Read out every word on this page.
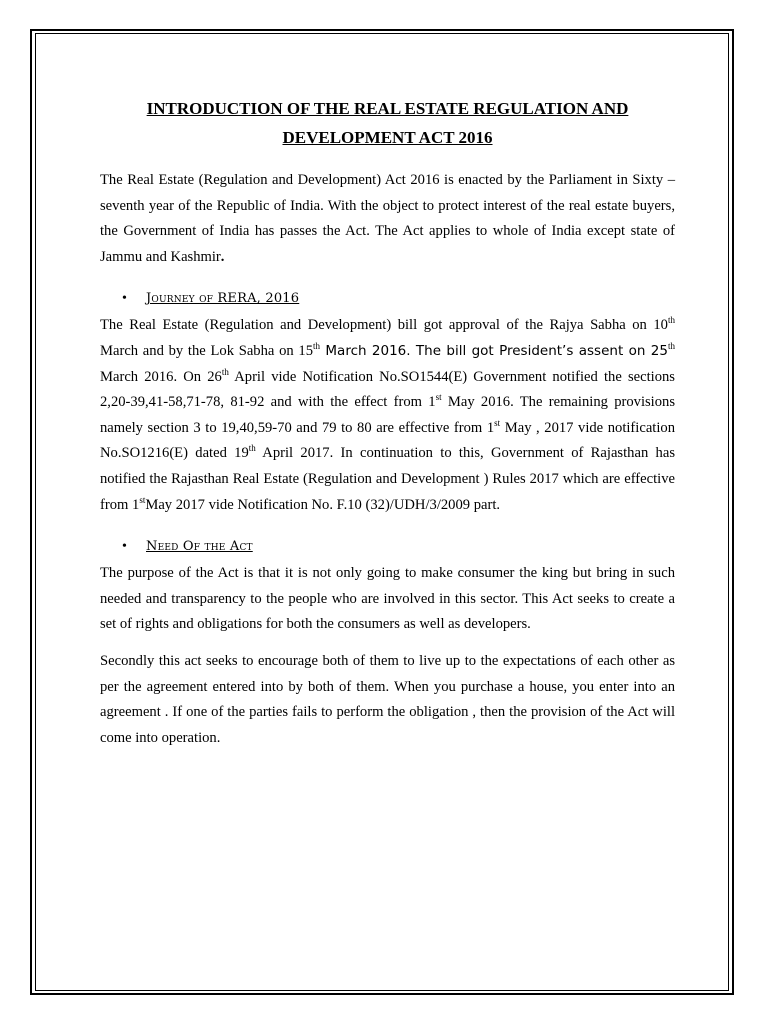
INTRODUCTION OF THE REAL ESTATE REGULATION AND
DEVELOPMENT ACT 2016

The Real Estate (Regulation and Development) Act 2016 is enacted by the Parliament in Sixty –seventh year of the Republic of India. With the object to protect interest of the real estate buyers, the Government of India has passes the Act. The Act applies to whole of India except state of Jammu and Kashmir.

•	Journey of RERA, 2016

The Real Estate (Regulation and Development) bill got approval of the Rajya Sabha on 10th March and by the Lok Sabha on 15th March 2016. The bill got President’s assent on 25th March 2016. On 26th April vide Notification No.SO1544(E) Government notified the sections 2,20-39,41-58,71-78, 81-92 and with the effect from 1st May 2016. The remaining provisions namely section 3 to 19,40,59-70 and 79 to 80 are effective from 1st May , 2017 vide notification No.SO1216(E) dated 19th April 2017. In continuation to this, Government of Rajasthan has notified the Rajasthan Real Estate (Regulation and Development ) Rules 2017 which are effective from 1stMay 2017 vide Notification No. F.10 (32)/UDH/3/2009 part.

•	Need Of the Act

The purpose of the Act is that it is not only going to make consumer the king but bring in such needed and transparency to the people who are involved in this sector. This Act seeks to create a set of rights and obligations for both the consumers as well as developers.

Secondly this act seeks to encourage both of them to live up to the expectations of each other as per the agreement entered into by both of them. When you purchase a house, you enter into an agreement . If one of the parties fails to perform the obligation , then the provision of the Act will come into operation.
